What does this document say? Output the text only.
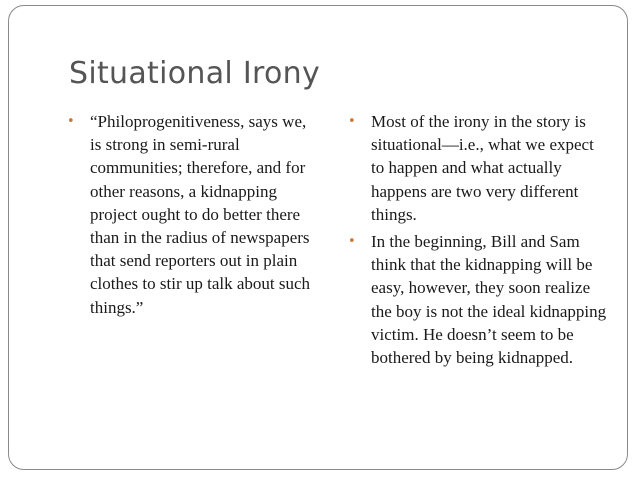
Situational Irony
• “Philoprogenitiveness, says we, is strong in semi-rural communities; therefore, and for other reasons, a kidnapping project ought to do better there than in the radius of newspapers that send reporters out in plain clothes to stir up talk about such things.”
• Most of the irony in the story is situational—i.e., what we expect to happen and what actually happens are two very different things.
• In the beginning, Bill and Sam think that the kidnapping will be easy, however, they soon realize the boy is not the ideal kidnapping victim. He doesn’t seem to be bothered by being kidnapped.
